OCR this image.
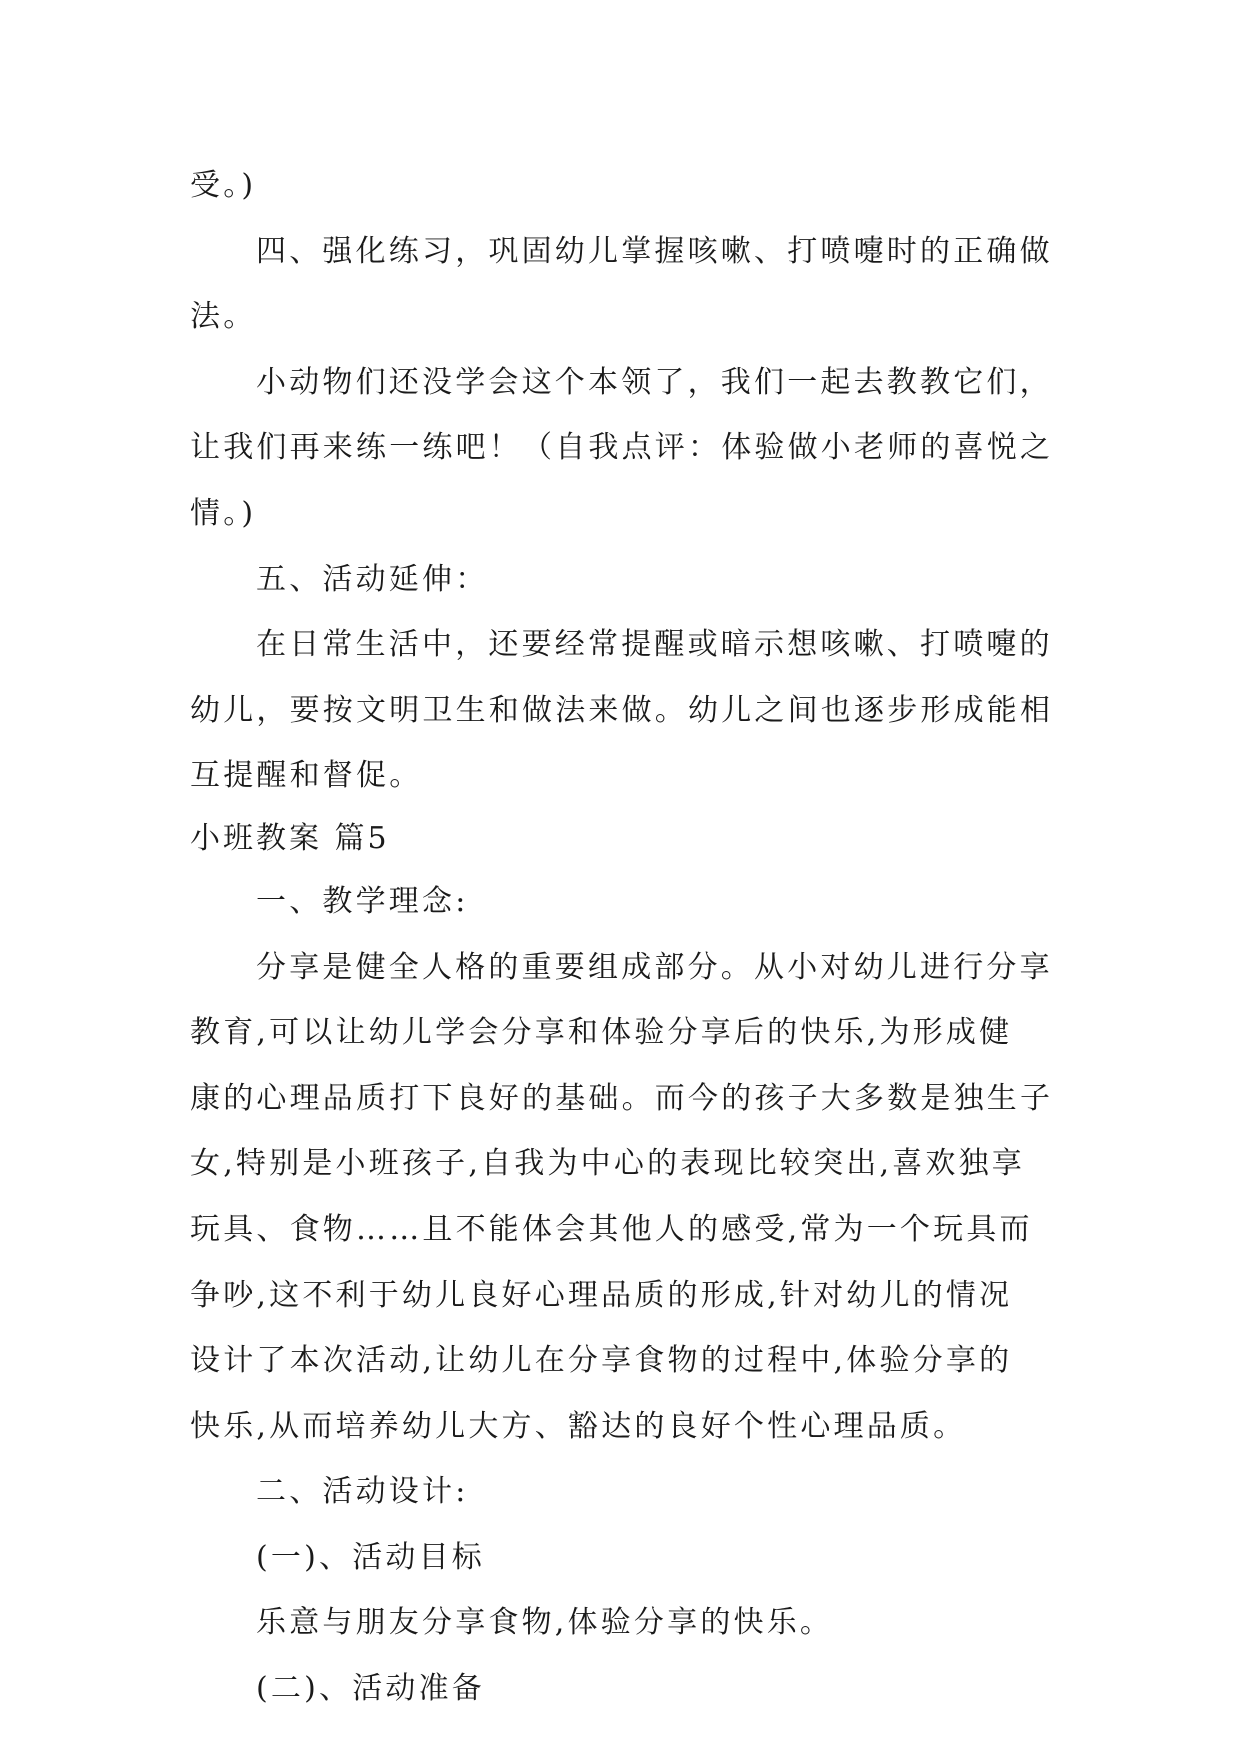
受。)
四、强化练习，巩固幼儿掌握咳嗽、打喷嚏时的正确做
法。
小动物们还没学会这个本领了，我们一起去教教它们，
让我们再来练一练吧！（自我点评：体验做小老师的喜悦之
情。)
五、活动延伸：
在日常生活中，还要经常提醒或暗示想咳嗽、打喷嚏的
幼儿，要按文明卫生和做法来做。幼儿之间也逐步形成能相
互提醒和督促。
小班教案 篇5
一、教学理念:
分享是健全人格的重要组成部分。从小对幼儿进行分享
教育,可以让幼儿学会分享和体验分享后的快乐,为形成健
康的心理品质打下良好的基础。而今的孩子大多数是独生子
女,特别是小班孩子,自我为中心的表现比较突出,喜欢独享
玩具、食物……且不能体会其他人的感受,常为一个玩具而
争吵,这不利于幼儿良好心理品质的形成,针对幼儿的情况
设计了本次活动,让幼儿在分享食物的过程中,体验分享的
快乐,从而培养幼儿大方、豁达的良好个性心理品质。
二、活动设计:
(一)、活动目标
乐意与朋友分享食物,体验分享的快乐。
(二)、活动准备
